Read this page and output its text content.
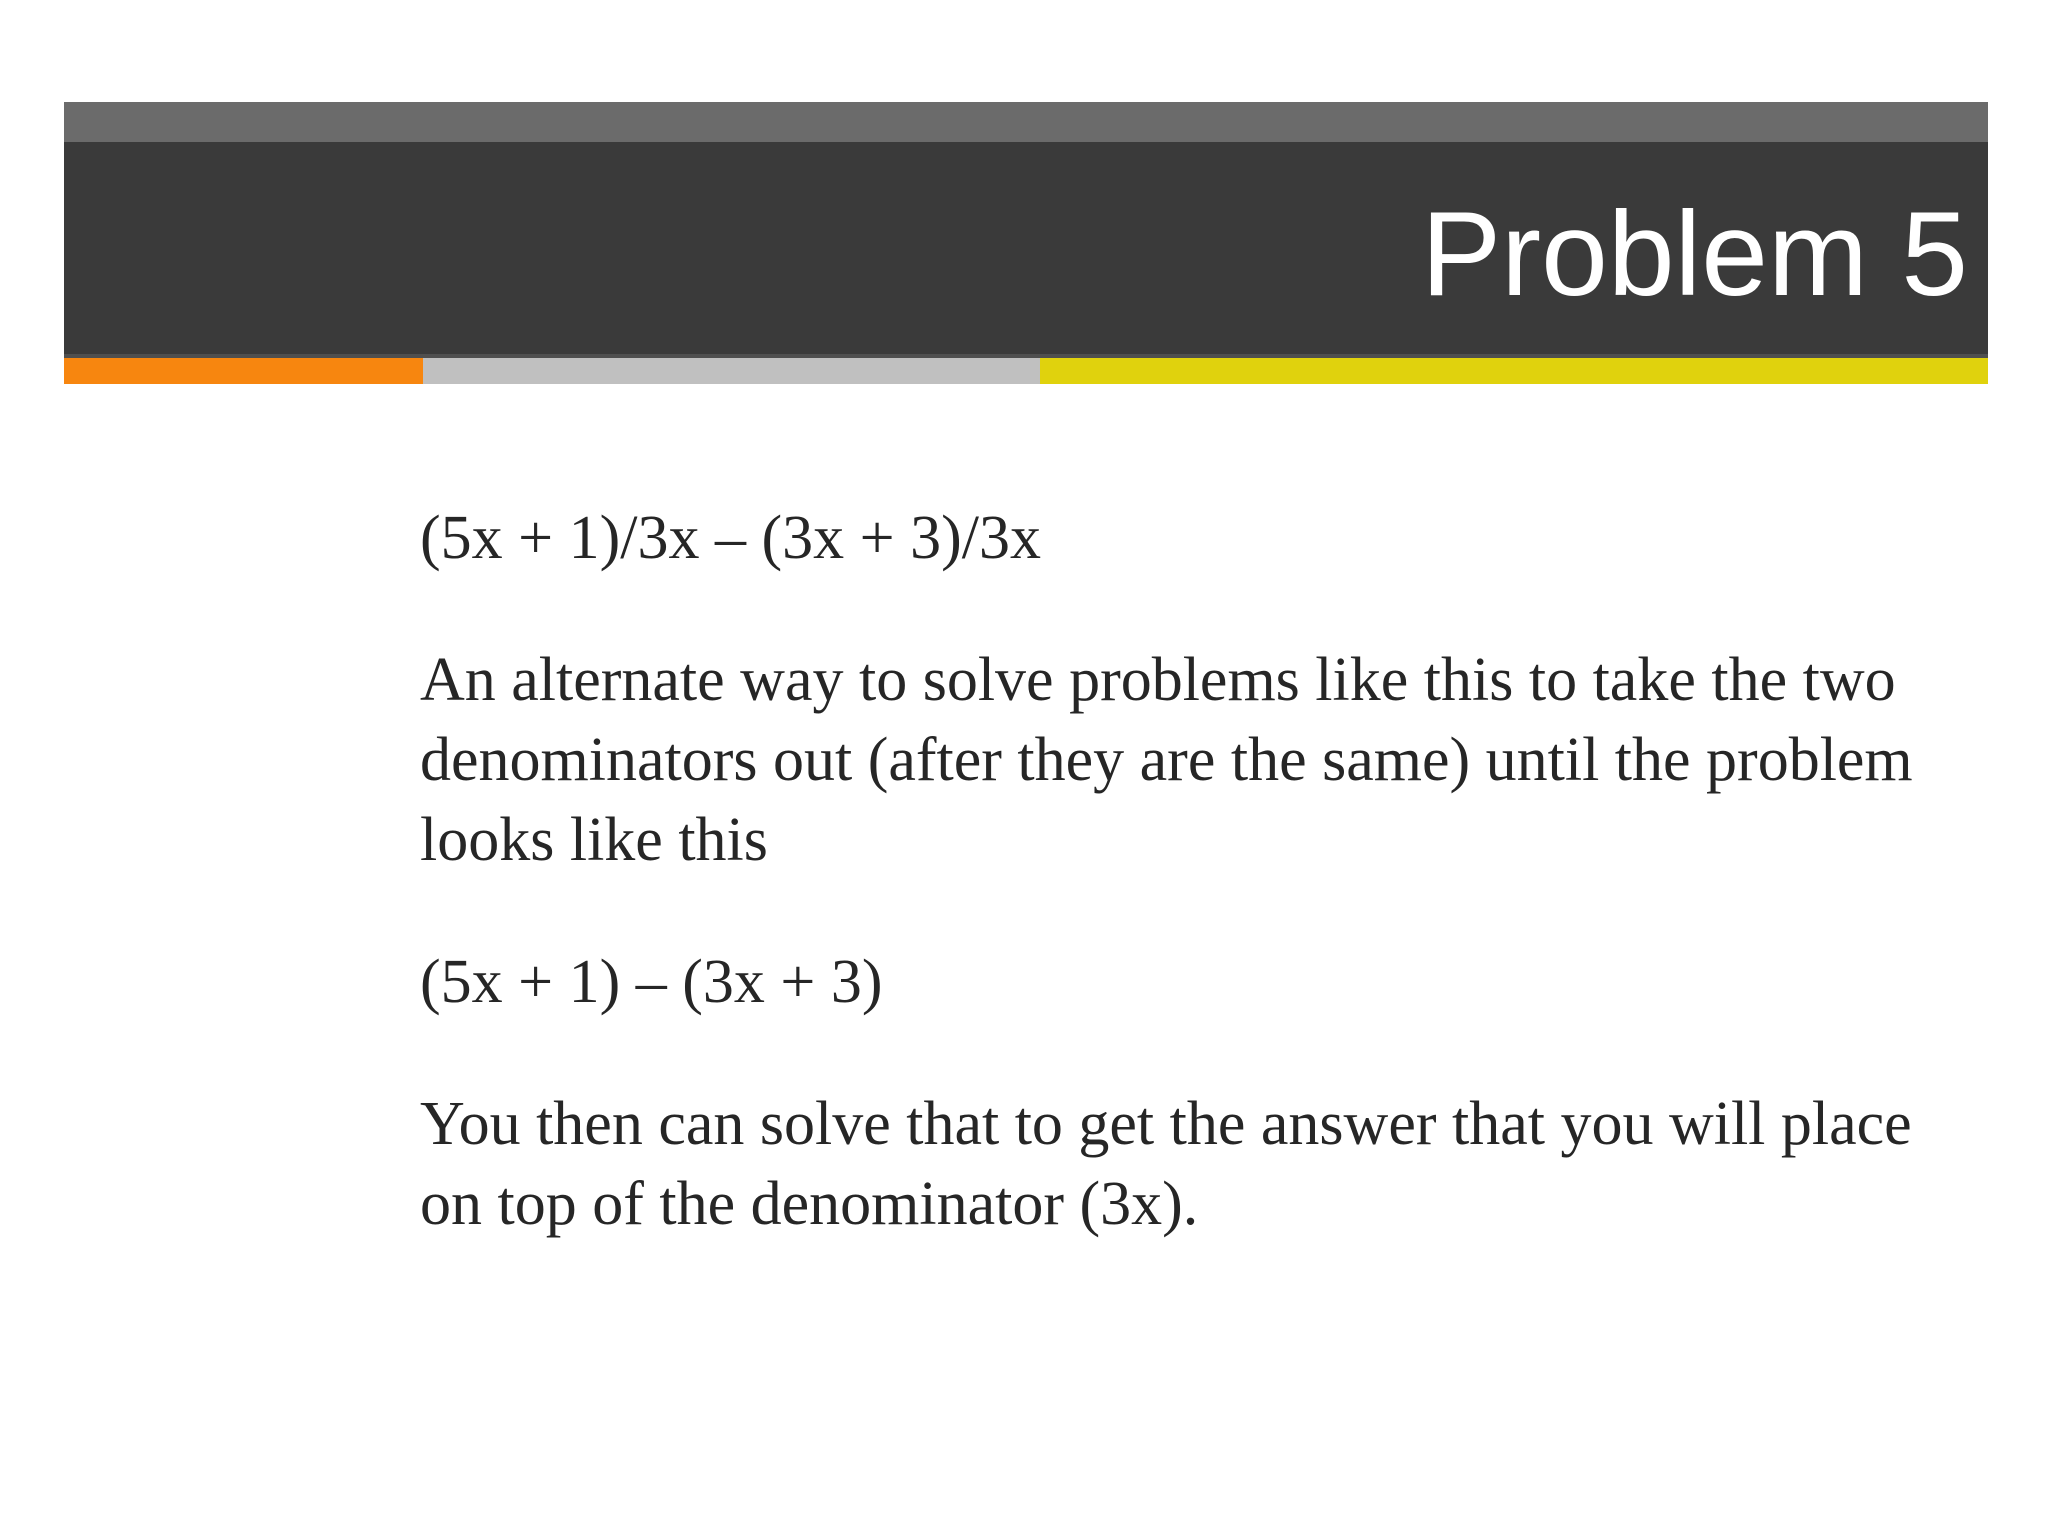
Problem 5

(5x + 1)/3x – (3x + 3)/3x

An alternate way to solve problems like this to take the two denominators out (after they are the same) until the problem looks like this

(5x + 1) – (3x + 3)

You then can solve that to get the answer that you will place on top of the denominator (3x).
